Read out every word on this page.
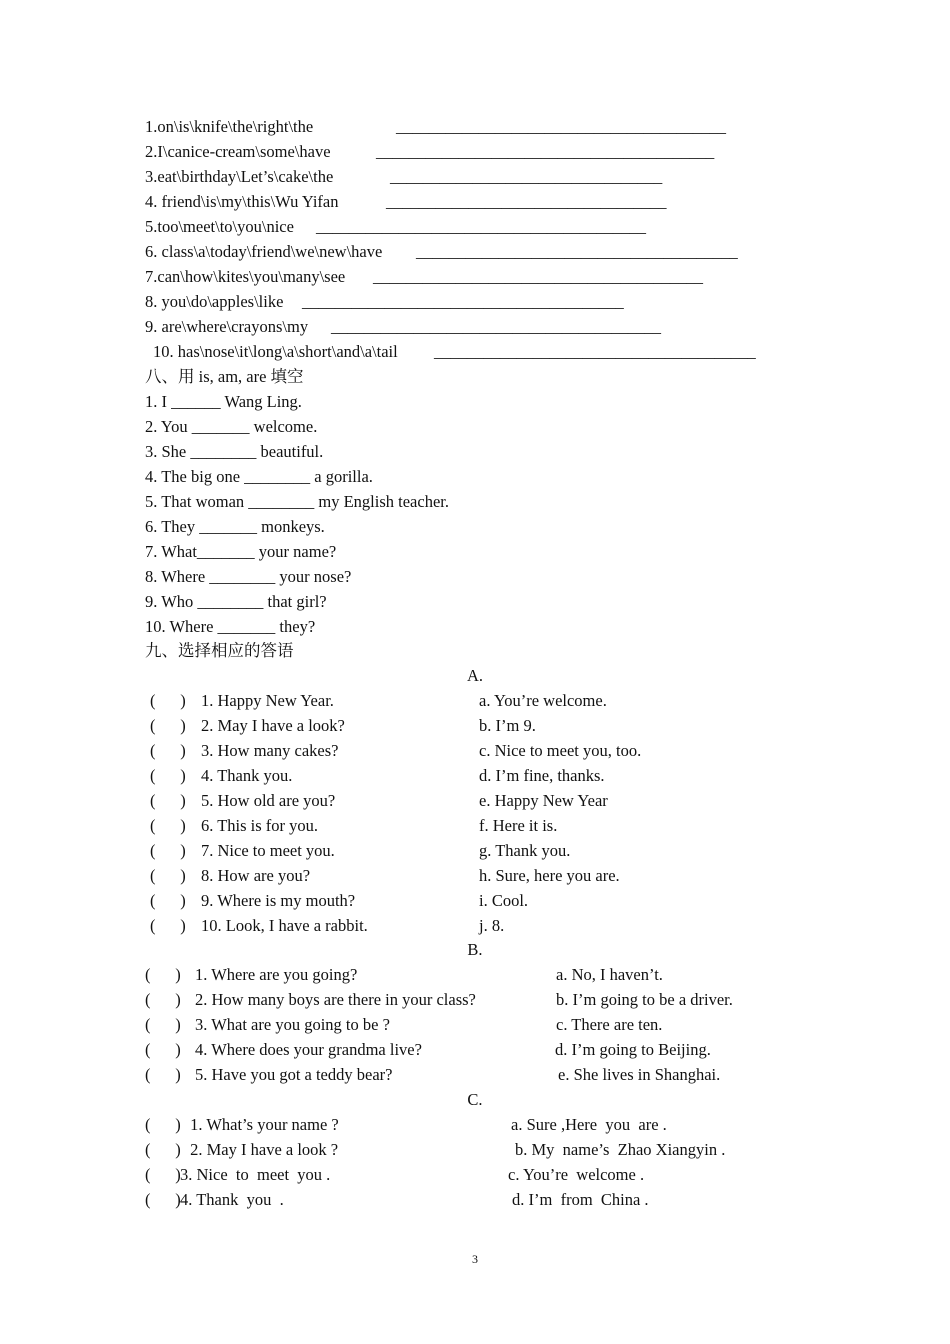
1.on\is\knife\the\right\the	________________________________________
2.I\canice-cream\some\have	_________________________________________
3.eat\birthday\Let’s\cake\the	_________________________________
4. friend\is\my\this\Wu Yifan	__________________________________
5.too\meet\to\you\nice ________________________________________
6. class\a\today\friend\we\new\have _______________________________________
7.can\how\kites\you\many\see ________________________________________
8. you\do\apples\like _______________________________________
9. are\where\crayons\my ________________________________________
10. has\nose\it\long\a\short\and\a\tail _______________________________________
八、用 is, am, are 填空
1. I ______ Wang Ling.
2. You _______ welcome.
3. She ________ beautiful.
4. The big one ________ a gorilla.
5. That woman ________ my English teacher.
6. They _______ monkeys.
7. What_______ your name?
8. Where ________ your nose?
9. Who ________ that girl?
10. Where _______ they?
九、选择相应的答语
A.
(      ) 1. Happy New Year.	a. You’re welcome.
(      ) 2. May I have a look?	b. I’m 9.
(      ) 3. How many cakes?	c. Nice to meet you, too.
(      ) 4. Thank you.	d. I’m fine, thanks.
(      ) 5. How old are you?	e. Happy New Year
(      ) 6. This is for you.	f. Here it is.
(      ) 7. Nice to meet you.	g. Thank you.
(      ) 8. How are you?	h. Sure, here you are.
(      ) 9. Where is my mouth?	i. Cool.
(      ) 10. Look, I have a rabbit.	j. 8.
B.
(      ) 1. Where are you going?	a. No, I haven’t.
(      ) 2. How many boys are there in your class?	b. I’m going to be a driver.
(      ) 3. What are you going to be ?	c. There are ten.
(      ) 4. Where does your grandma live?	d. I’m going to Beijing.
(      ) 5. Have you got a teddy bear?	e. She lives in Shanghai.
C.
(      ) 1. What’s your name ?	a. Sure ,Here  you  are .
(      ) 2. May I have a look ?	b. My  name’s  Zhao Xiangyin .
(      ) 3. Nice  to  meet  you .	c. You’re  welcome .
(      ) 4. Thank  you  .	d. I’m  from  China .
3
